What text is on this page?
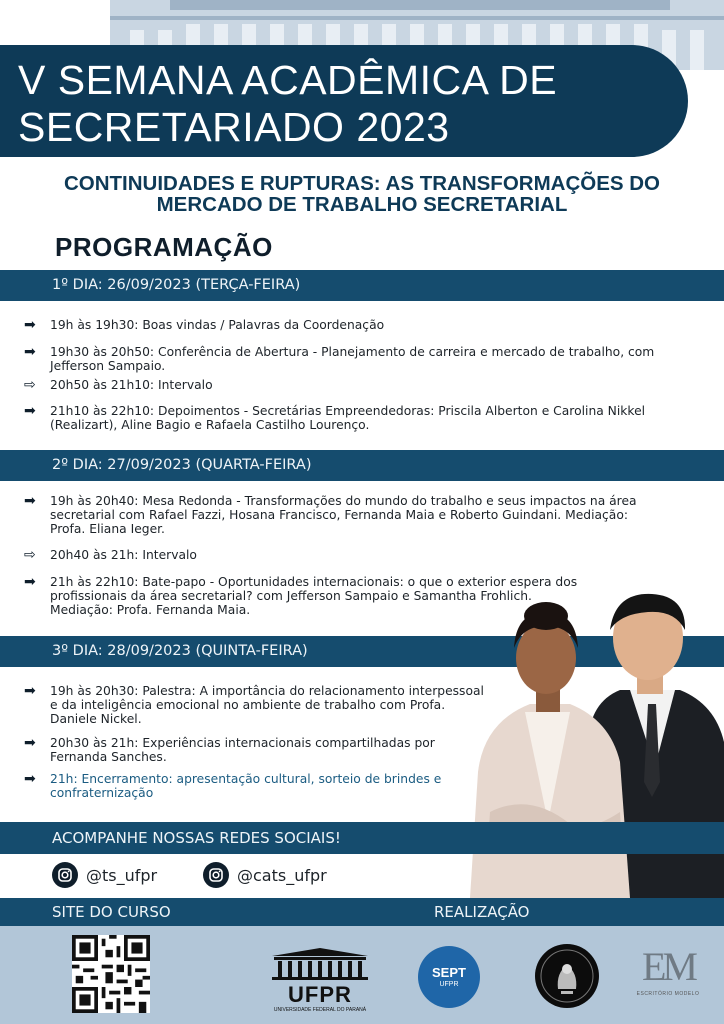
V SEMANA ACADÊMICA DE
SECRETARIADO 2023
CONTINUIDADES E RUPTURAS: AS TRANSFORMAÇÕES DO
MERCADO DE TRABALHO SECRETARIAL
PROGRAMAÇÃO
1º DIA: 26/09/2023 (TERÇA-FEIRA)
➡	19h às 19h30: Boas vindas / Palavras da Coordenação
➡	19h30 às 20h50: Conferência de Abertura - Planejamento de carreira e mercado de trabalho, com
Jefferson Sampaio.
⇨	20h50 às 21h10: Intervalo
➡	21h10 às 22h10: Depoimentos - Secretárias Empreendedoras: Priscila Alberton e Carolina Nikkel
(Realizart), Aline Bagio e Rafaela Castilho Lourenço.
2º DIA: 27/09/2023 (QUARTA-FEIRA)
➡	19h às 20h40: Mesa Redonda - Transformações do mundo do trabalho e seus impactos na área
secretarial com Rafael Fazzi, Hosana Francisco, Fernanda Maia e Roberto Guindani. Mediação:
Profa. Eliana Ieger.
⇨	20h40 às 21h: Intervalo
➡	21h às 22h10: Bate-papo - Oportunidades internacionais: o que o exterior espera dos
profissionais da área secretarial? com Jefferson Sampaio e Samantha Frohlich.
Mediação: Profa. Fernanda Maia.
3º DIA: 28/09/2023 (QUINTA-FEIRA)
➡	19h às 20h30: Palestra: A importância do relacionamento interpessoal
e da inteligência emocional no ambiente de trabalho com Profa.
Daniele Nickel.
➡	20h30 às 21h: Experiências internacionais compartilhadas por
Fernanda Sanches.
➡	21h: Encerramento: apresentação cultural, sorteio de brindes e
confraternização
ACOMPANHE NOSSAS REDES SOCIAIS!
@ts_ufpr	@cats_ufpr
SITE DO CURSO	REALIZAÇÃO
UFPR
UNIVERSIDADE FEDERAL DO PARANÁ
SEPT
UFPR	EM
ESCRITÓRIO MODELO
